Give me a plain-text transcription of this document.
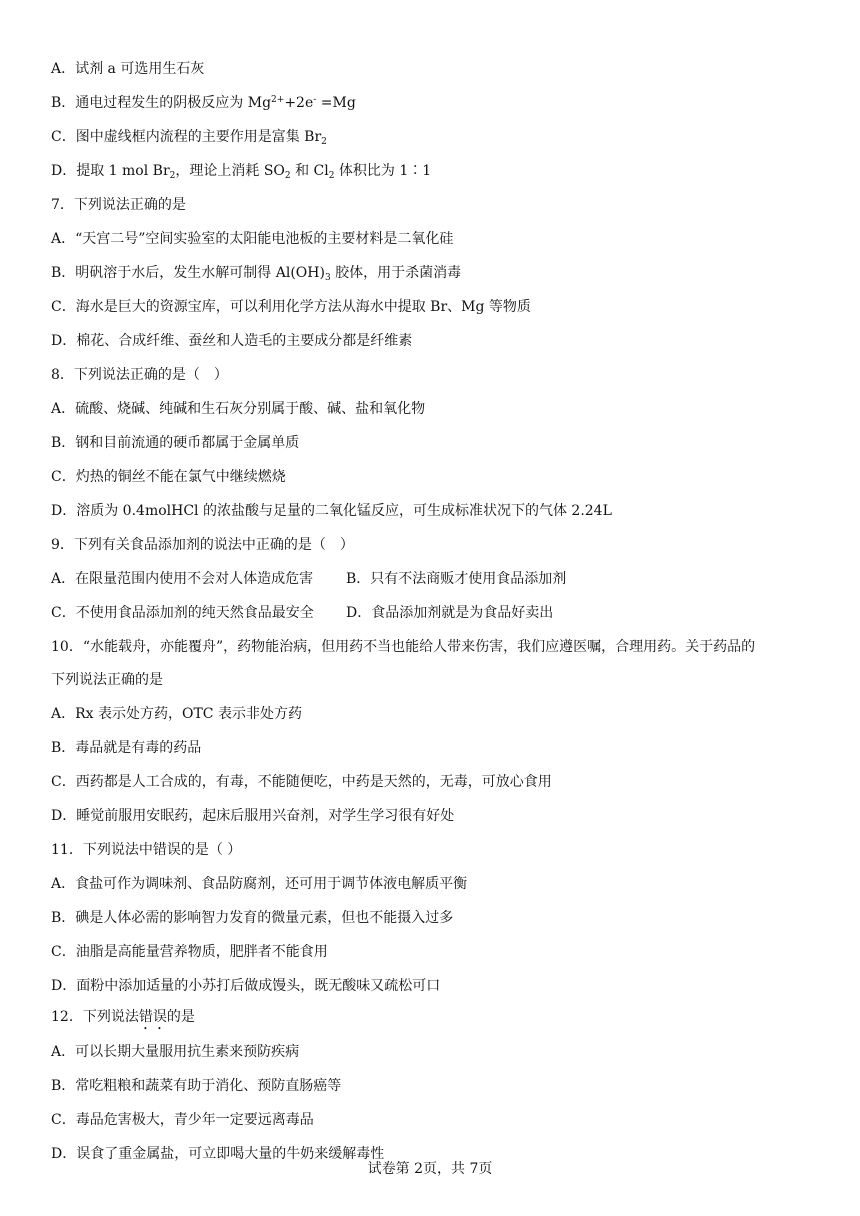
A．试剂 a 可选用生石灰
B．通电过程发生的阴极反应为 $Mg^{2+}+2e^- =Mg$
C．图中虚线框内流程的主要作用是富集 $Br_2$
D．提取 1 mol $Br_2$，理论上消耗 $SO_2$ 和 $Cl_2$ 体积比为 1∶1
7．下列说法正确的是
A．“天宫二号”空间实验室的太阳能电池板的主要材料是二氧化硅
B．明矾溶于水后，发生水解可制得 $Al(OH)_3$ 胶体，用于杀菌消毒
C．海水是巨大的资源宝库，可以利用化学方法从海水中提取 Br、Mg 等物质
D．棉花、合成纤维、蚕丝和人造毛的主要成分都是纤维素
8．下列说法正确的是（　）
A．硫酸、烧碱、纯碱和生石灰分别属于酸、碱、盐和氧化物
B．钢和目前流通的硬币都属于金属单质
C．灼热的铜丝不能在氯气中继续燃烧
D．溶质为 0.4molHCl 的浓盐酸与足量的二氧化锰反应，可生成标准状况下的气体 2.24L
9．下列有关食品添加剂的说法中正确的是（　）
A．在限量范围内使用不会对人体造成危害 B．只有不法商贩才使用食品添加剂
C．不使用食品添加剂的纯天然食品最安全 D．食品添加剂就是为食品好卖出
10．“水能载舟，亦能覆舟”，药物能治病，但用药不当也能给人带来伤害，我们应遵医嘱，合理用药。关于药品的
下列说法正确的是
A．Rx 表示处方药，OTC 表示非处方药
B．毒品就是有毒的药品
C．西药都是人工合成的，有毒，不能随便吃，中药是天然的，无毒，可放心食用
D．睡觉前服用安眠药，起床后服用兴奋剂，对学生学习很有好处
11．下列说法中错误的是（ ）
A．食盐可作为调味剂、食品防腐剂，还可用于调节体液电解质平衡
B．碘是人体必需的影响智力发育的微量元素，但也不能摄入过多
C．油脂是高能量营养物质，肥胖者不能食用
D．面粉中添加适量的小苏打后做成馒头，既无酸味又疏松可口
12．下列说法错误的是
A．可以长期大量服用抗生素来预防疾病
B．常吃粗粮和蔬菜有助于消化、预防直肠癌等
C．毒品危害极大，青少年一定要远离毒品
D．误食了重金属盐，可立即喝大量的牛奶来缓解毒性
试卷第 2页，共 7页
